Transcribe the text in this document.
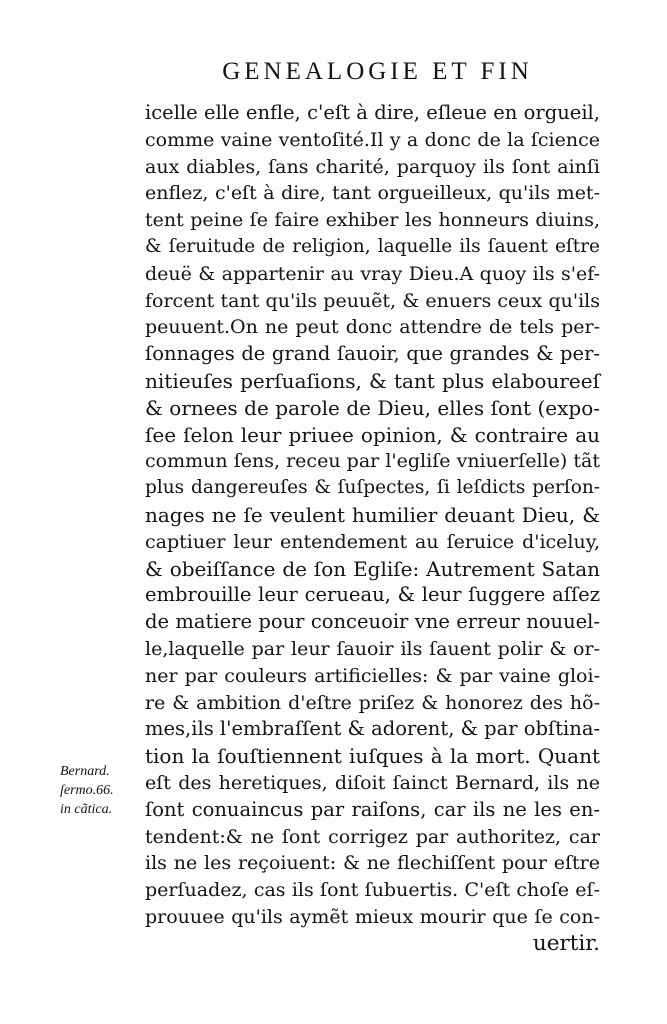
GENEALOGIE ET FIN
icelle elle enfle, c'eſt à dire, eſleue en orgueil,
comme vaine ventoſité.Il y a donc de la ſcience
aux diables, ſans charité, parquoy ils ſont ainſi
enflez, c'eſt à dire, tant orgueilleux, qu'ils met-
tent peine ſe faire exhiber les honneurs diuins,
& ſeruitude de religion, laquelle ils ſauent eſtre
deuë & appartenir au vray Dieu.A quoy ils s'ef-
forcent tant qu'ils peuuẽt, & enuers ceux qu'ils
peuuent.On ne peut donc attendre de tels per-
ſonnages de grand ſauoir, que grandes & per-
nitieuſes perſuaſions, & tant plus elaboureeſ
& ornees de parole de Dieu, elles ſont (expo-
ſee ſelon leur priuee opinion, & contraire au
commun ſens, receu par l'egliſe vniuerſelle) tãt
plus dangereuſes & ſuſpectes, ſi leſdicts perſon-
nages ne ſe veulent humilier deuant Dieu, &
captiuer leur entendement au ſeruice d'iceluy,
& obeiſſance de ſon Egliſe: Autrement Satan
embrouille leur cerueau, & leur ſuggere aſſez
de matiere pour conceuoir vne erreur nouuel-
le,laquelle par leur ſauoir ils ſauent polir & or-
ner par couleurs artificielles: & par vaine gloi-
re & ambition d'eſtre priſez & honorez des hõ-
mes,ils l'embraſſent & adorent, & par obſtina-
tion la ſouſtiennent iuſques à la mort. Quant
eſt des heretiques, diſoit ſainct Bernard, ils ne
ſont conuaincus par raiſons, car ils ne les en-
tendent:& ne ſont corrigez par authoritez, car
ils ne les reçoiuent: & ne flechiſſent pour eſtre
perſuadez, cas ils ſont ſubuertis. C'eſt choſe eſ-
prouuee qu'ils aymẽt mieux mourir que ſe con-
uertir.
Bernard.
ſermo.66.
in cãtica.
